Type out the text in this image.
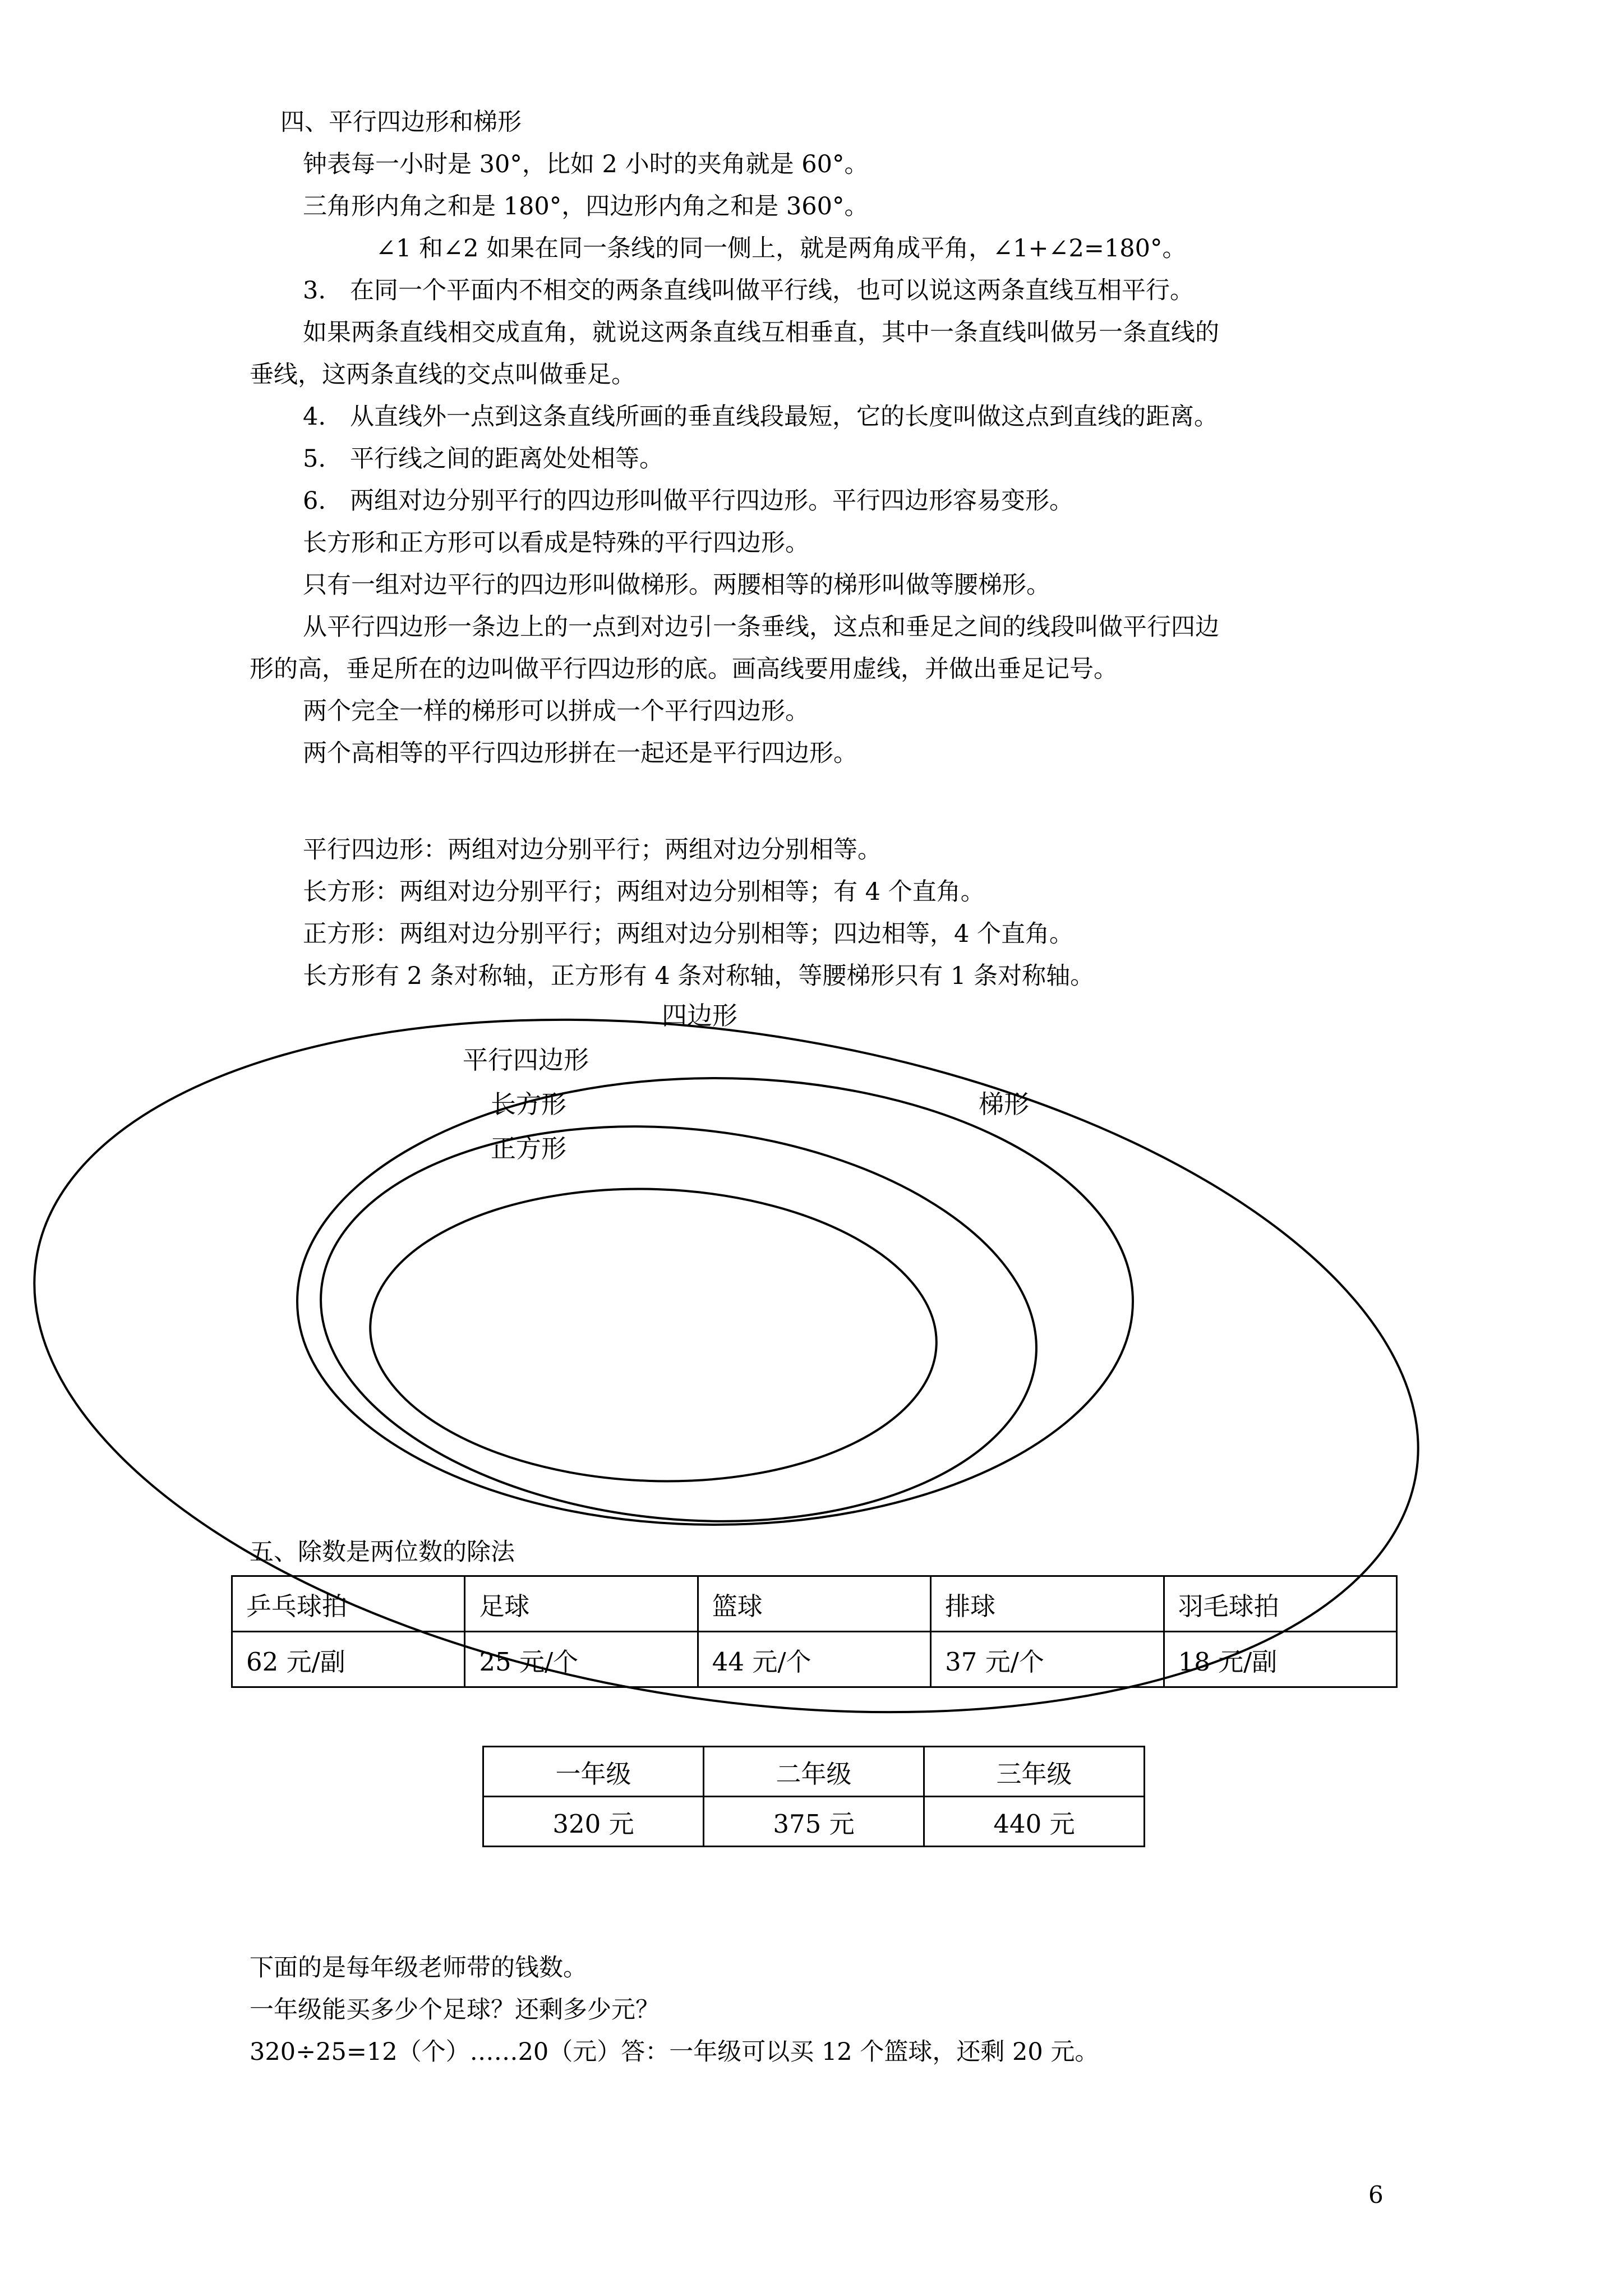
四、平行四边形和梯形
钟表每一小时是 30°，比如 2 小时的夹角就是 60°。
三角形内角之和是 180°，四边形内角之和是 360°。
∠1 和∠2 如果在同一条线的同一侧上，就是两角成平角，∠1+∠2=180°。
3.　在同一个平面内不相交的两条直线叫做平行线，也可以说这两条直线互相平行。
如果两条直线相交成直角，就说这两条直线互相垂直，其中一条直线叫做另一条直线的
垂线，这两条直线的交点叫做垂足。
4.　从直线外一点到这条直线所画的垂直线段最短，它的长度叫做这点到直线的距离。
5.　平行线之间的距离处处相等。
6.　两组对边分别平行的四边形叫做平行四边形。平行四边形容易变形。
长方形和正方形可以看成是特殊的平行四边形。
只有一组对边平行的四边形叫做梯形。两腰相等的梯形叫做等腰梯形。
从平行四边形一条边上的一点到对边引一条垂线，这点和垂足之间的线段叫做平行四边
形的高，垂足所在的边叫做平行四边形的底。画高线要用虚线，并做出垂足记号。
两个完全一样的梯形可以拼成一个平行四边形。
两个高相等的平行四边形拼在一起还是平行四边形。
平行四边形：两组对边分别平行；两组对边分别相等。
长方形：两组对边分别平行；两组对边分别相等；有 4 个直角。
正方形：两组对边分别平行；两组对边分别相等；四边相等，4 个直角。
长方形有 2 条对称轴，正方形有 4 条对称轴，等腰梯形只有 1 条对称轴。
五、除数是两位数的除法
乒乓球拍	足球	篮球	排球	羽毛球拍
62 元/副	25 元/个	44 元/个	37 元/个	18 元/副
一年级	二年级	三年级
320 元	375 元	440 元
下面的是每年级老师带的钱数。
一年级能买多少个足球？还剩多少元？
320÷25=12（个）……20（元）答：一年级可以买 12 个篮球，还剩 20 元。
6
四边形
平行四边形
长方形	梯形
正方形
